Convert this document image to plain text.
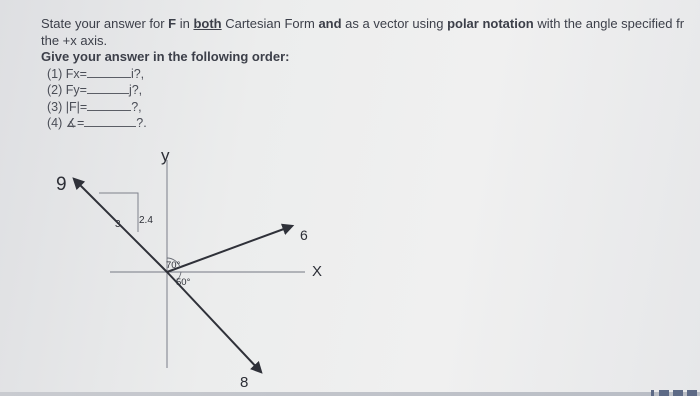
State your answer for F in both Cartesian Form and as a vector using polar notation with the angle specified fr
the +x axis.
Give your answer in the following order:
(1) Fx=	i?,
(2) Fy=	j?,
(3) |F|=	?,
(4) ∡=	?.
y
X
9
3 2.4
70°
50°
6
8
